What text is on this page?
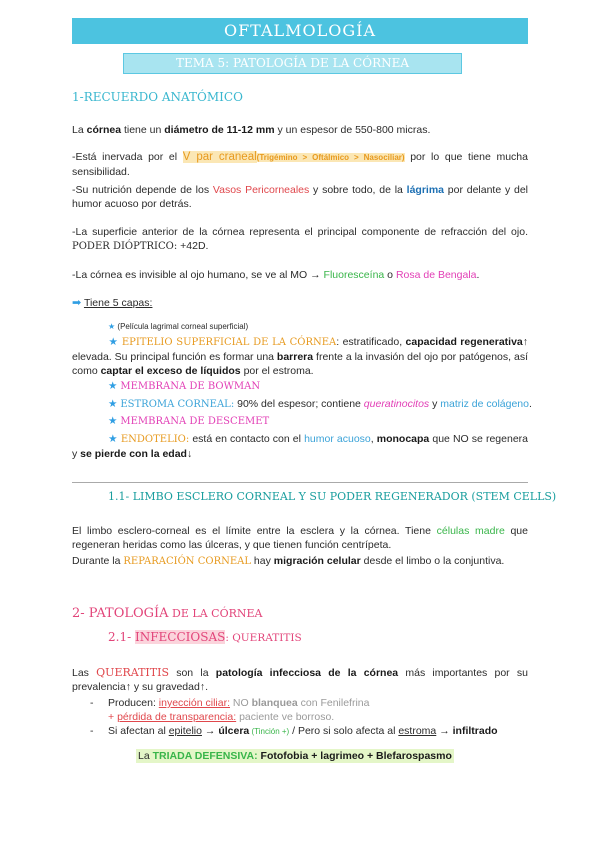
OFTALMOLOGÍA
TEMA 5: PATOLOGÍA DE LA CÓRNEA
1-RECUERDO ANATÓMICO

La córnea tiene un diámetro de 11-12 mm y un espesor de 550-800 micras.

-Está inervada por el V par craneal(Trigémino > Oftálmico > Nasociliar) por lo que tiene mucha sensibilidad.

-Su nutrición depende de los Vasos Pericorneales y sobre todo, de la lágrima por delante y del humor acuoso por detrás.

-La superficie anterior de la córnea representa el principal componente de refracción del ojo. PODER DIÓPTRICO: +42D.

-La córnea es invisible al ojo humano, se ve al MO → Fluoresceína o Rosa de Bengala.

➡ Tiene 5 capas:
★ (Película lagrimal corneal superficial)

★ EPITELIO SUPERFICIAL DE LA CÓRNEA: estratificado, capacidad regenerativa↑ elevada. Su principal función es formar una barrera frente a la invasión del ojo por patógenos, así como captar el exceso de líquidos por el estroma.

★ MEMBRANA DE BOWMAN
★ ESTROMA CORNEAL: 90% del espesor; contiene queratinocitos y matriz de colágeno.
★ MEMBRANA DE DESCEMET

★ ENDOTELIO: está en contacto con el humor acuoso, monocapa que NO se regenera y se pierde con la edad↓

1.1- LIMBO ESCLERO CORNEAL Y SU PODER REGENERADOR (STEM CELLS)

El limbo esclero-corneal es el límite entre la esclera y la córnea. Tiene células madre que regeneran heridas como las úlceras, y que tienen función centrípeta.

Durante la REPARACIÓN CORNEAL hay migración celular desde el limbo o la conjuntiva.

2- PATOLOGÍA DE LA CÓRNEA
2.1- INFECCIOSAS: QUERATITIS

Las QUERATITIS son la patología infecciosa de la córnea más importantes por su prevalencia↑ y su gravedad↑.

- Producen: inyección ciliar: NO blanquea con Fenilefrina
+ pérdida de transparencia: paciente ve borroso.
- Si afectan al epitelio → úlcera (Tinción +) / Pero si solo afecta al estroma → infiltrado
La TRIADA DEFENSIVA: Fotofobia + lagrimeo + Blefarospasmo
